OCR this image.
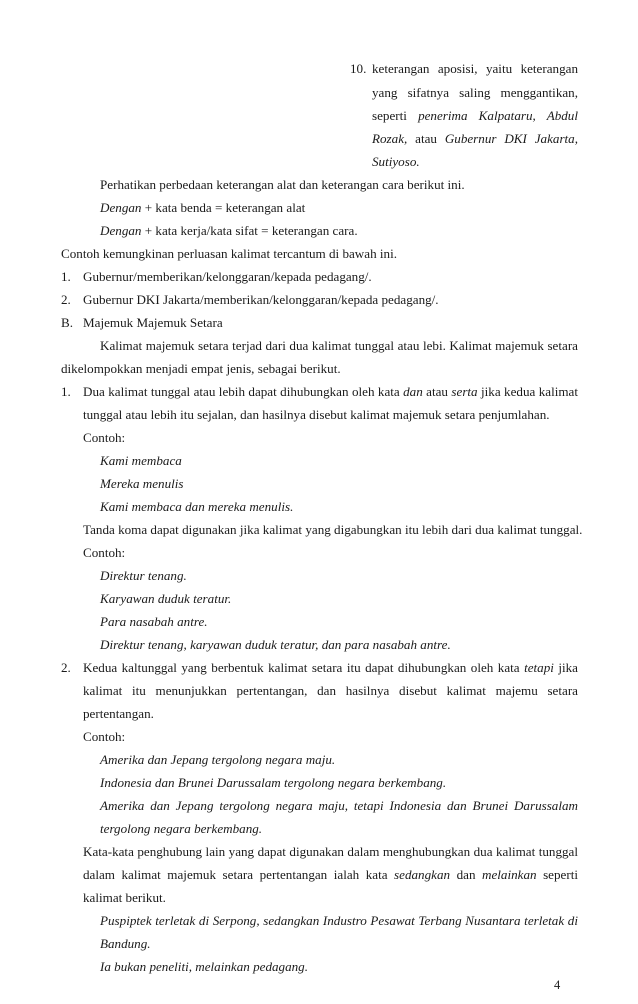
10. keterangan aposisi, yaitu keterangan
yang sifatnya saling menggantikan,
seperti penerima Kalpataru, Abdul
Rozak, atau Gubernur DKI Jakarta,
Sutiyoso.
Perhatikan perbedaan keterangan alat dan keterangan cara berikut ini.
Dengan + kata benda = keterangan alat
Dengan + kata kerja/kata sifat = keterangan cara.
Contoh kemungkinan perluasan kalimat tercantum di bawah ini.
1. Gubernur/memberikan/kelonggaran/kepada pedagang/.
2. Gubernur DKI Jakarta/memberikan/kelonggaran/kepada pedagang/.
B. Majemuk Majemuk Setara
Kalimat majemuk setara terjad dari dua kalimat tunggal atau lebi. Kalimat majemuk setara
dikelompokkan menjadi empat jenis, sebagai berikut.
1. Dua kalimat tunggal atau lebih dapat dihubungkan oleh kata dan atau serta jika kedua kalimat
tunggal atau lebih itu sejalan, dan hasilnya disebut kalimat majemuk setara penjumlahan.
Contoh:
Kami membaca
Mereka menulis
Kami membaca dan mereka menulis.
Tanda koma dapat digunakan jika kalimat yang digabungkan itu lebih dari dua kalimat tunggal.
Contoh:
Direktur tenang.
Karyawan duduk teratur.
Para nasabah antre.
Direktur tenang, karyawan duduk teratur, dan para nasabah antre.
2. Kedua kaltunggal yang berbentuk kalimat setara itu dapat dihubungkan oleh kata tetapi jika
kalimat itu menunjukkan pertentangan, dan hasilnya disebut kalimat majemu setara
pertentangan.
Contoh:
Amerika dan Jepang tergolong negara maju.
Indonesia dan Brunei Darussalam tergolong negara berkembang.
Amerika dan Jepang tergolong negara maju, tetapi Indonesia dan Brunei Darussalam
tergolong negara berkembang.
Kata-kata penghubung lain yang dapat digunakan dalam menghubungkan dua kalimat tunggal
dalam kalimat majemuk setara pertentangan ialah kata sedangkan dan melainkan seperti
kalimat berikut.
Puspiptek terletak di Serpong, sedangkan Industro Pesawat Terbang Nusantara terletak di
Bandung.
Ia bukan peneliti, melainkan pedagang.
4
